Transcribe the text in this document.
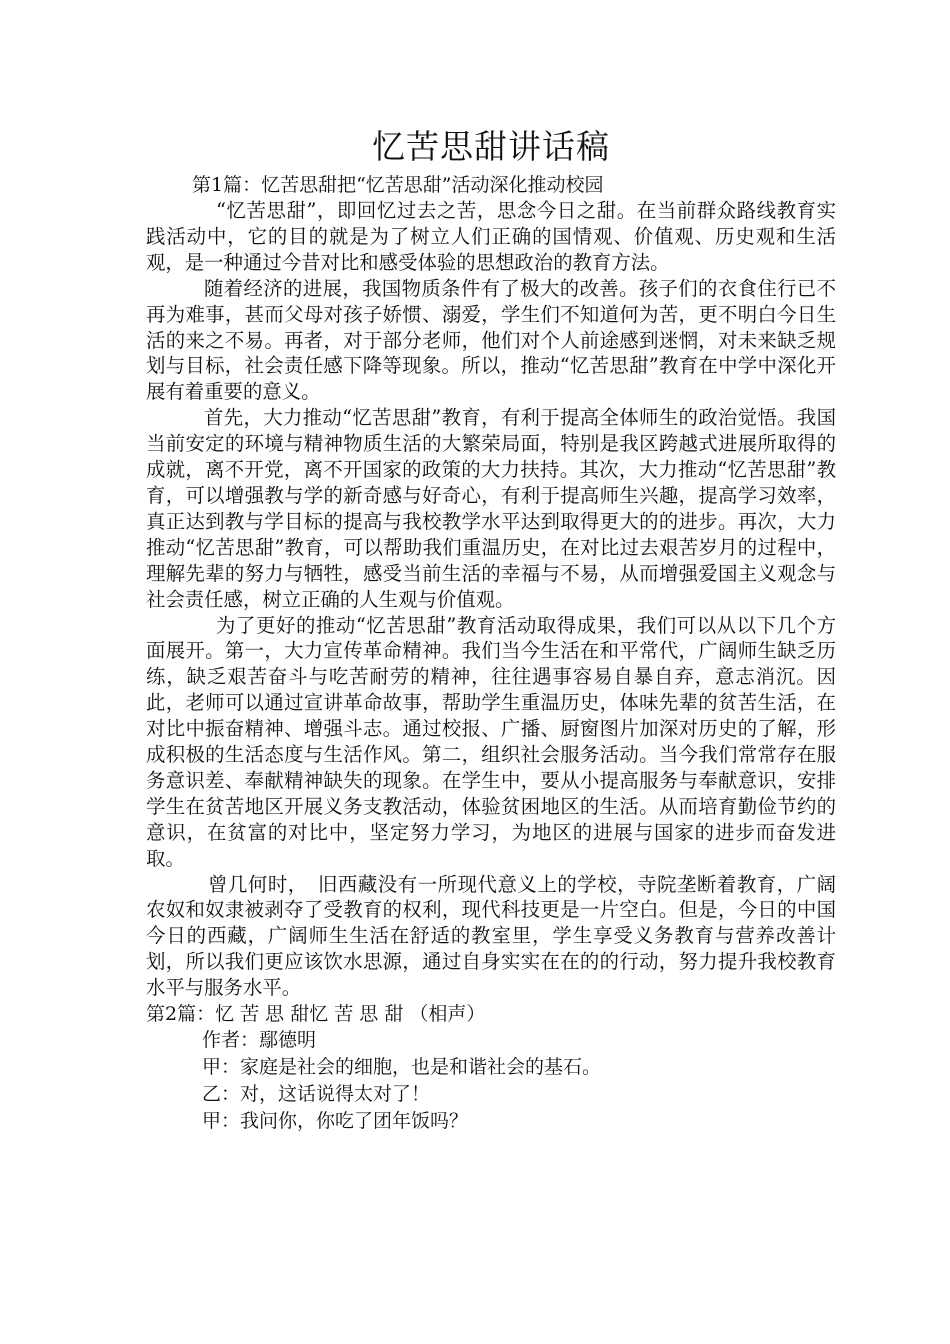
忆苦思甜讲话稿

第1篇：忆苦思甜把“忆苦思甜”活动深化推动校园

“忆苦思甜”，即回忆过去之苦，思念今日之甜。在当前群众路线教育实践活动中，它的目的就是为了树立人们正确的国情观、价值观、历史观和生活观，是一种通过今昔对比和感受体验的思想政治的教育方法。

随着经济的进展，我国物质条件有了极大的改善。孩子们的衣食住行已不再为难事，甚而父母对孩子娇惯、溺爱，学生们不知道何为苦，更不明白今日生活的来之不易。再者，对于部分老师，他们对个人前途感到迷惘，对未来缺乏规划与目标，社会责任感下降等现象。所以，推动“忆苦思甜”教育在中学中深化开展有着重要的意义。

首先，大力推动“忆苦思甜”教育，有利于提高全体师生的政治觉悟。我国当前安定的环境与精神物质生活的大繁荣局面，特别是我区跨越式进展所取得的成就，离不开党，离不开国家的政策的大力扶持。其次，大力推动“忆苦思甜”教育，可以增强教与学的新奇感与好奇心，有利于提高师生兴趣，提高学习效率，真正达到教与学目标的提高与我校教学水平达到取得更大的的进步。再次，大力推动“忆苦思甜”教育，可以帮助我们重温历史，在对比过去艰苦岁月的过程中，理解先辈的努力与牺牲，感受当前生活的幸福与不易，从而增强爱国主义观念与社会责任感，树立正确的人生观与价值观。

为了更好的推动“忆苦思甜”教育活动取得成果，我们可以从以下几个方面展开。第一，大力宣传革命精神。我们当今生活在和平常代，广阔师生缺乏历练，缺乏艰苦奋斗与吃苦耐劳的精神，往往遇事容易自暴自弃，意志消沉。因此，老师可以通过宣讲革命故事，帮助学生重温历史，体味先辈的贫苦生活，在对比中振奋精神、增强斗志。通过校报、广播、厨窗图片加深对历史的了解，形成积极的生活态度与生活作风。第二，组织社会服务活动。当今我们常常存在服务意识差、奉献精神缺失的现象。在学生中，要从小提高服务与奉献意识，安排学生在贫苦地区开展义务支教活动，体验贫困地区的生活。从而培育勤俭节约的意识，在贫富的对比中，坚定努力学习，为地区的进展与国家的进步而奋发进取。

曾几何时，　旧西藏没有一所现代意义上的学校，寺院垄断着教育，广阔农奴和奴隶被剥夺了受教育的权利，现代科技更是一片空白。但是，今日的中国今日的西藏，广阔师生生活在舒适的教室里，学生享受义务教育与营养改善计划，所以我们更应该饮水思源，通过自身实实在在的的行动，努力提升我校教育水平与服务水平。

第2篇：忆 苦 思 甜忆 苦 思 甜 （相声）

作者：鄢德明

甲：家庭是社会的细胞，也是和谐社会的基石。

乙：对，这话说得太对了！

甲：我问你，你吃了团年饭吗？
